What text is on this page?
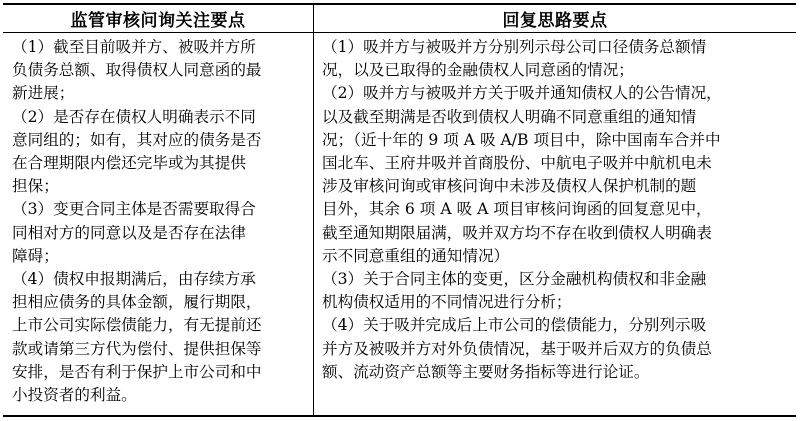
监管审核问询关注要点	回复思路要点
（1）截至目前吸并方、被吸并方所
负债务总额、取得债权人同意函的最
新进展；
（2）是否存在债权人明确表示不同
意同组的；如有，其对应的债务是否
在合理期限内偿还完毕或为其提供
担保；
（3）变更合同主体是否需要取得合
同相对方的同意以及是否存在法律
障碍；
（4）债权申报期满后，由存续方承
担相应债务的具体金额，履行期限，
上市公司实际偿债能力，有无提前还
款或请第三方代为偿付、提供担保等
安排，是否有利于保护上市公司和中
小投资者的利益。
（1）吸并方与被吸并方分别列示母公司口径债务总额情
况，以及已取得的金融债权人同意函的情况；
（2）吸并方与被吸并方关于吸并通知债权人的公告情况，
以及截至期满是否收到债权人明确不同意重组的通知情
况；（近十年的 9 项 A 吸 A/B 项目中，除中国南车合并中
国北车、王府井吸并首商股份、中航电子吸并中航机电未
涉及审核问询或审核问询中未涉及债权人保护机制的题
目外，其余 6 项 A 吸 A 项目审核问询函的回复意见中，
截至通知期限届满，吸并双方均不存在收到债权人明确表
示不同意重组的通知情况）
（3）关于合同主体的变更，区分金融机构债权和非金融
机构债权适用的不同情况进行分析；
（4）关于吸并完成后上市公司的偿债能力，分别列示吸
并方及被吸并方对外负债情况，基于吸并后双方的负债总
额、流动资产总额等主要财务指标等进行论证。
